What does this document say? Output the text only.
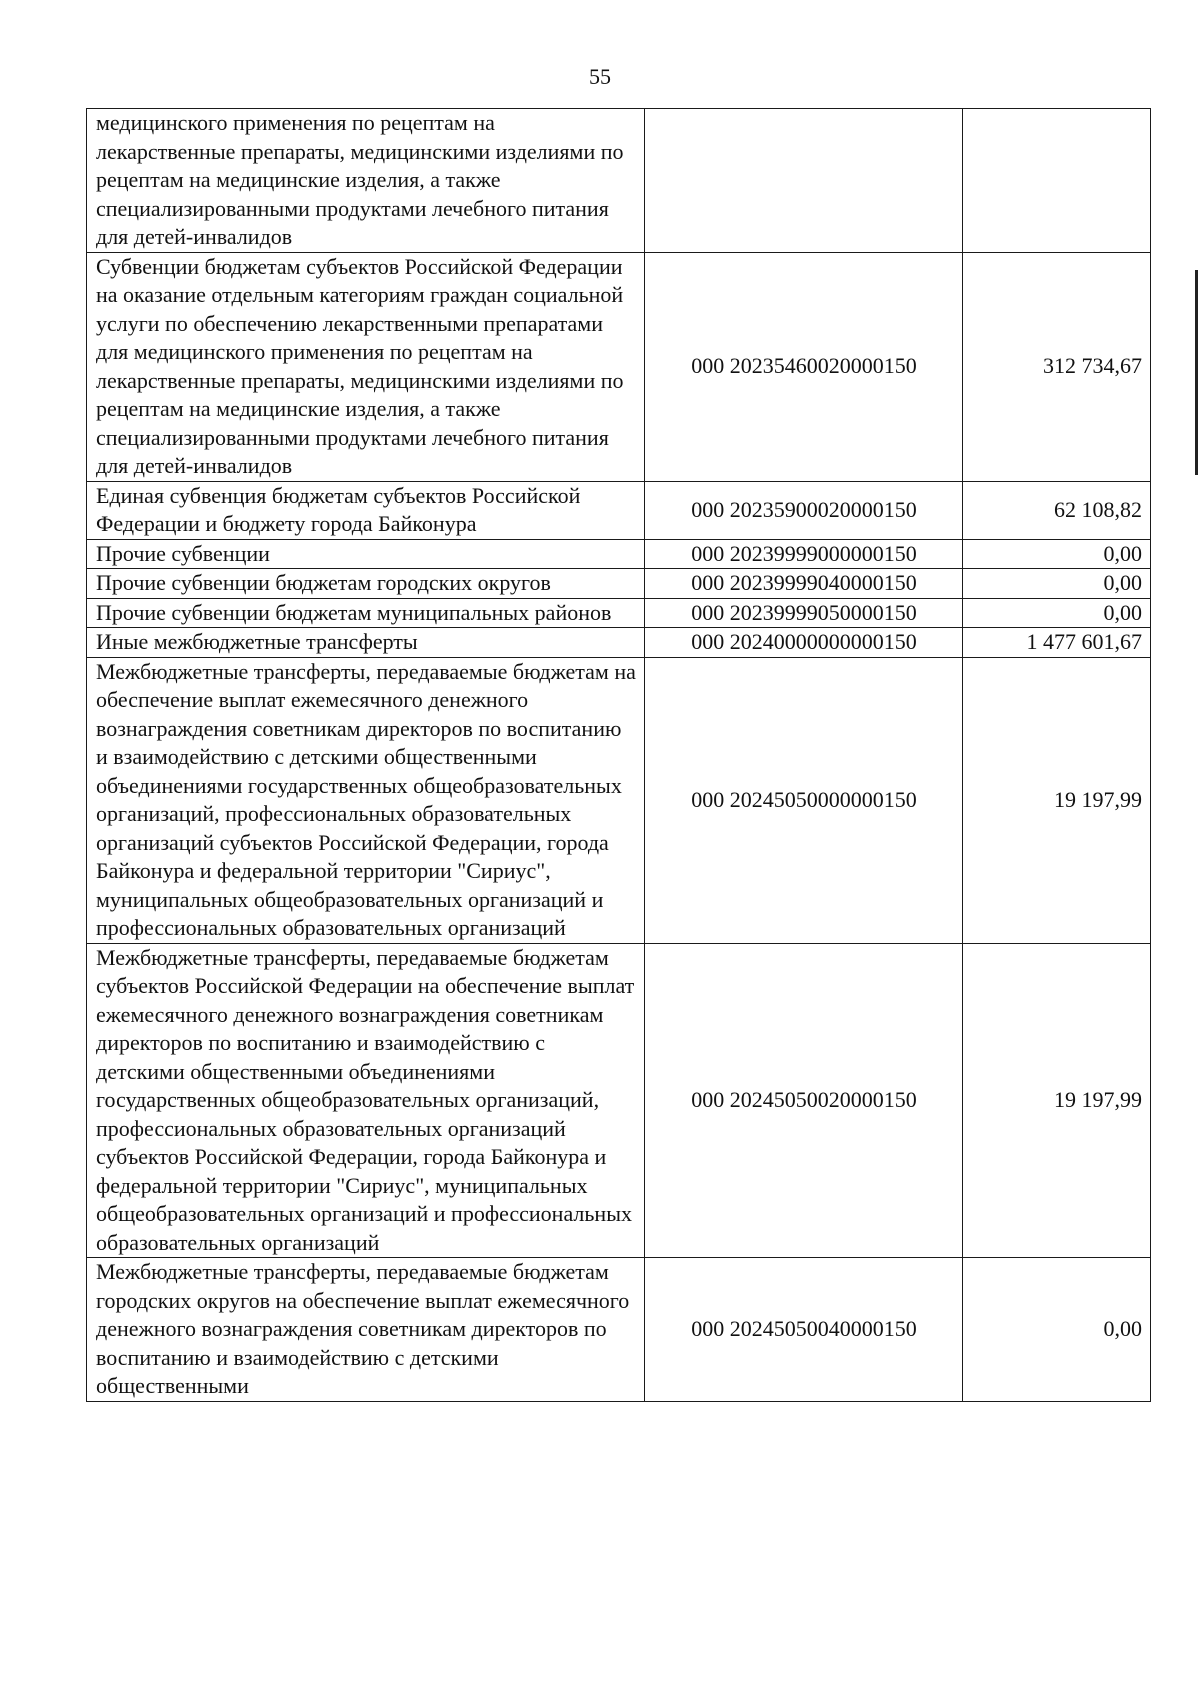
55
медицинского применения по рецептам на лекарственные препараты, медицинскими изделиями по рецептам на медицинские изделия, а также специализированными продуктами лечебного питания для детей-инвалидов		
Субвенции бюджетам субъектов Российской Федерации на оказание отдельным категориям граждан социальной услуги по обеспечению лекарственными препаратами для медицинского применения по рецептам на лекарственные препараты, медицинскими изделиями по рецептам на медицинские изделия, а также специализированными продуктами лечебного питания для детей-инвалидов	000 20235460020000150	312 734,67
Единая субвенция бюджетам субъектов Российской Федерации и бюджету города Байконура	000 20235900020000150	62 108,82
Прочие субвенции	000 20239999000000150	0,00
Прочие субвенции бюджетам городских округов	000 20239999040000150	0,00
Прочие субвенции бюджетам муниципальных районов	000 20239999050000150	0,00
Иные межбюджетные трансферты	000 20240000000000150	1 477 601,67
Межбюджетные трансферты, передаваемые бюджетам на обеспечение выплат ежемесячного денежного вознаграждения советникам директоров по воспитанию и взаимодействию с детскими общественными объединениями государственных общеобразовательных организаций, профессиональных образовательных организаций субъектов Российской Федерации, города Байконура и федеральной территории "Сириус", муниципальных общеобразовательных организаций и профессиональных образовательных организаций	000 20245050000000150	19 197,99
Межбюджетные трансферты, передаваемые бюджетам субъектов Российской Федерации на обеспечение выплат ежемесячного денежного вознаграждения советникам директоров по воспитанию и взаимодействию с детскими общественными объединениями государственных общеобразовательных организаций, профессиональных образовательных организаций субъектов Российской Федерации, города Байконура и федеральной территории "Сириус", муниципальных общеобразовательных организаций и профессиональных образовательных организаций	000 20245050020000150	19 197,99
Межбюджетные трансферты, передаваемые бюджетам городских округов на обеспечение выплат ежемесячного денежного вознаграждения советникам директоров по воспитанию и взаимодействию с детскими общественными	000 20245050040000150	0,00
